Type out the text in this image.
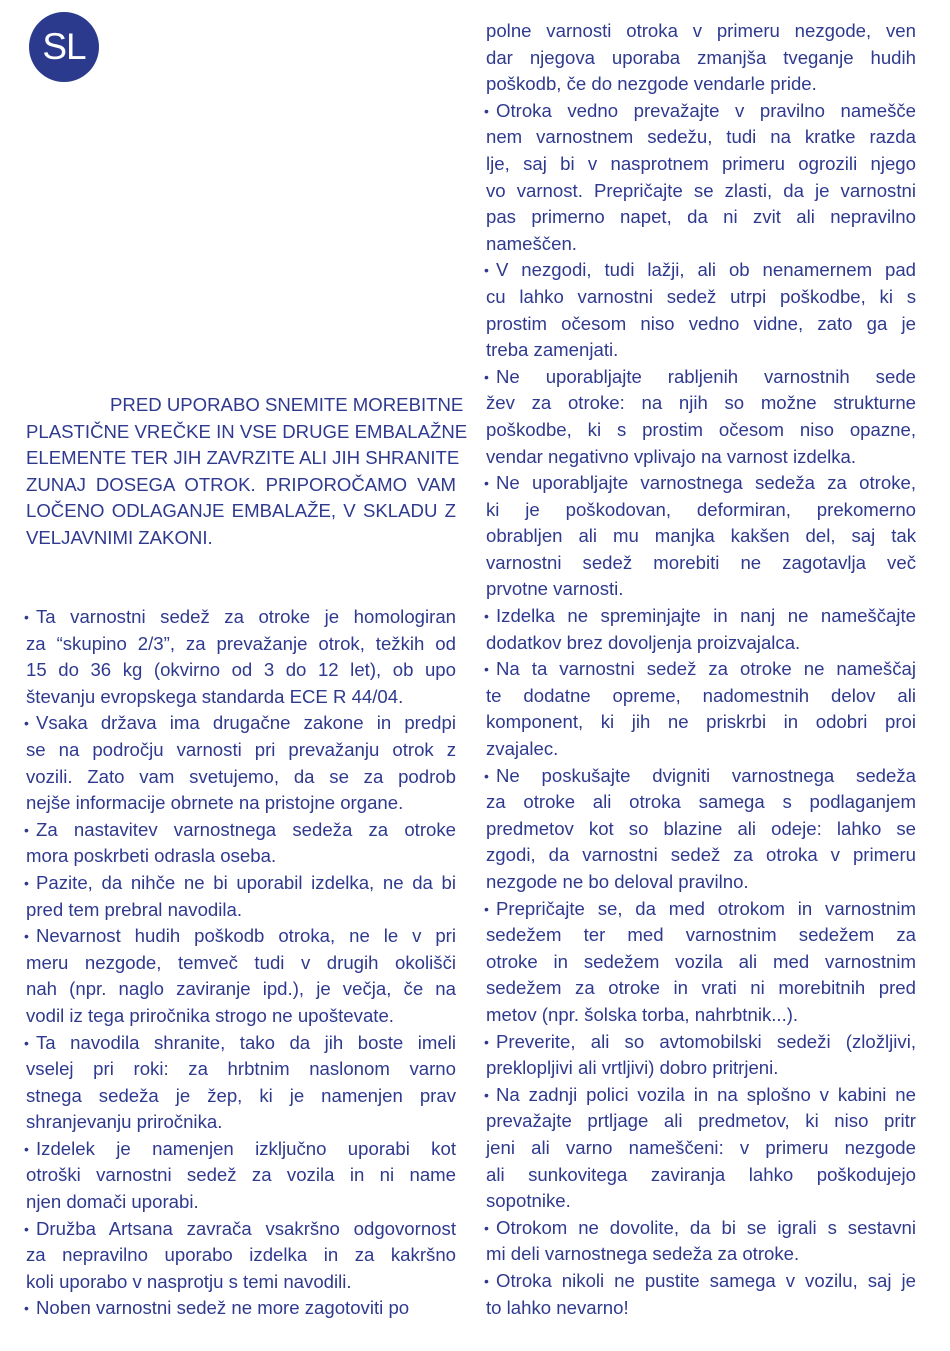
SL
PRED UPORABO SNEMITE MOREBITNE
PLASTIČNE VREČKE IN VSE DRUGE EMBALAŽNE
ELEMENTE TER JIH ZAVRZITE ALI JIH SHRANITE
ZUNAJ DOSEGA OTROK. PRIPOROČAMO VAM
LOČENO ODLAGANJE EMBALAŽE, V SKLADU Z
VELJAVNIMI ZAKONI.
• Ta varnostni sedež za otroke je homologiran
za “skupino 2/3”, za prevažanje otrok, težkih od
15 do 36 kg (okvirno od 3 do 12 let), ob upo
števanju evropskega standarda ECE R 44/04.
• Vsaka država ima drugačne zakone in predpi
se na področju varnosti pri prevažanju otrok z
vozili. Zato vam svetujemo, da se za podrob
nejše informacije obrnete na pristojne organe.
• Za nastavitev varnostnega sedeža za otroke
mora poskrbeti odrasla oseba.
• Pazite, da nihče ne bi uporabil izdelka, ne da bi
pred tem prebral navodila.
• Nevarnost hudih poškodb otroka, ne le v pri
meru nezgode, temveč tudi v drugih okolišči
nah (npr. naglo zaviranje ipd.), je večja, če na
vodil iz tega priročnika strogo ne upoštevate.
• Ta navodila shranite, tako da jih boste imeli
vselej pri roki: za hrbtnim naslonom varno
stnega sedeža je žep, ki je namenjen prav
shranjevanju priročnika.
• Izdelek je namenjen izključno uporabi kot
otroški varnostni sedež za vozila in ni name
njen domači uporabi.
• Družba Artsana zavrača vsakršno odgovornost
za nepravilno uporabo izdelka in za kakršno
koli uporabo v nasprotju s temi navodili.
• Noben varnostni sedež ne more zagotoviti po
polne varnosti otroka v primeru nezgode, ven
dar njegova uporaba zmanjša tveganje hudih
poškodb, če do nezgode vendarle pride.
• Otroka vedno prevažajte v pravilno namešče
nem varnostnem sedežu, tudi na kratke razda
lje, saj bi v nasprotnem primeru ogrozili njego
vo varnost. Prepričajte se zlasti, da je varnostni
pas primerno napet, da ni zvit ali nepravilno
nameščen.
• V nezgodi, tudi lažji, ali ob nenamernem pad
cu lahko varnostni sedež utrpi poškodbe, ki s
prostim očesom niso vedno vidne, zato ga je
treba zamenjati.
• Ne uporabljajte rabljenih varnostnih sede
žev za otroke: na njih so možne strukturne
poškodbe, ki s prostim očesom niso opazne,
vendar negativno vplivajo na varnost izdelka.
• Ne uporabljajte varnostnega sedeža za otroke,
ki je poškodovan, deformiran, prekomerno
obrabljen ali mu manjka kakšen del, saj tak
varnostni sedež morebiti ne zagotavlja več
prvotne varnosti.
• Izdelka ne spreminjajte in nanj ne nameščajte
dodatkov brez dovoljenja proizvajalca.
• Na ta varnostni sedež za otroke ne nameščaj
te dodatne opreme, nadomestnih delov ali
komponent, ki jih ne priskrbi in odobri proi
zvajalec.
• Ne poskušajte dvigniti varnostnega sedeža
za otroke ali otroka samega s podlaganjem
predmetov kot so blazine ali odeje: lahko se
zgodi, da varnostni sedež za otroka v primeru
nezgode ne bo deloval pravilno.
• Prepričajte se, da med otrokom in varnostnim
sedežem ter med varnostnim sedežem za
otroke in sedežem vozila ali med varnostnim
sedežem za otroke in vrati ni morebitnih pred
metov (npr. šolska torba, nahrbtnik...).
• Preverite, ali so avtomobilski sedeži (zložljivi,
preklopljivi ali vrtljivi) dobro pritrjeni.
• Na zadnji polici vozila in na splošno v kabini ne
prevažajte prtljage ali predmetov, ki niso pritr
jeni ali varno nameščeni: v primeru nezgode
ali sunkovitega zaviranja lahko poškodujejo
sopotnike.
• Otrokom ne dovolite, da bi se igrali s sestavni
mi deli varnostnega sedeža za otroke.
• Otroka nikoli ne pustite samega v vozilu, saj je
to lahko nevarno!
